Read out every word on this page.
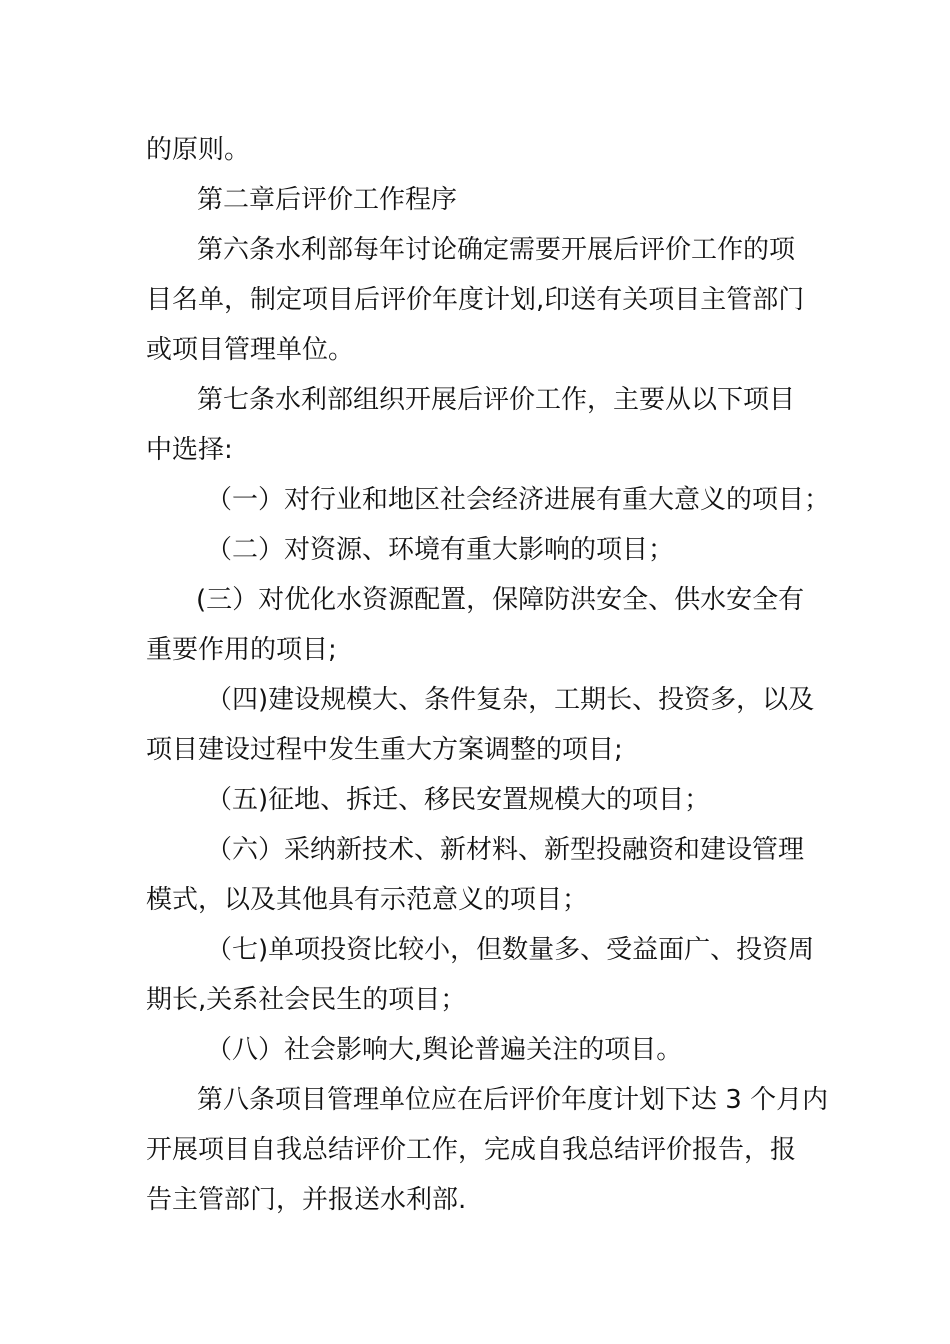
的原则。
第二章后评价工作程序
第六条水利部每年讨论确定需要开展后评价工作的项
目名单，制定项目后评价年度计划,印送有关项目主管部门
或项目管理单位。
第七条水利部组织开展后评价工作，主要从以下项目
中选择:
（一）对行业和地区社会经济进展有重大意义的项目；
（二）对资源、环境有重大影响的项目；
(三）对优化水资源配置，保障防洪安全、供水安全有
重要作用的项目;
（四)建设规模大、条件复杂，工期长、投资多，以及
项目建设过程中发生重大方案调整的项目;
（五)征地、拆迁、移民安置规模大的项目；
（六）采纳新技术、新材料、新型投融资和建设管理
模式，以及其他具有示范意义的项目；
（七)单项投资比较小，但数量多、受益面广、投资周
期长,关系社会民生的项目；
（八）社会影响大,舆论普遍关注的项目。
第八条项目管理单位应在后评价年度计划下达 3 个月内
开展项目自我总结评价工作，完成自我总结评价报告，报
告主管部门，并报送水利部.
